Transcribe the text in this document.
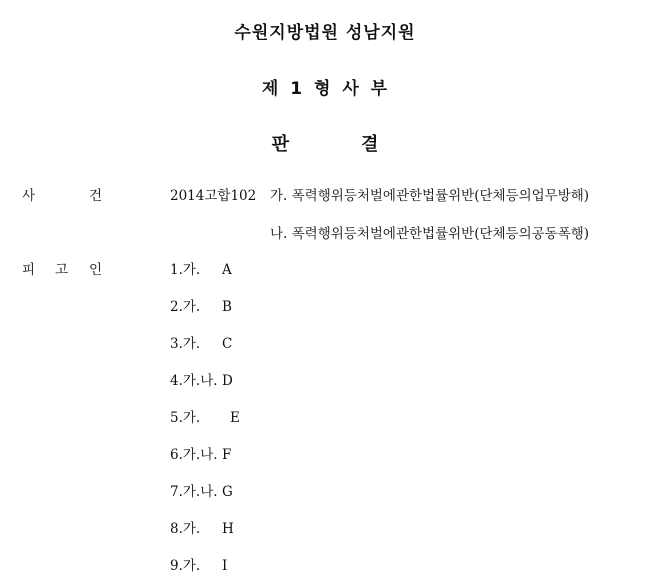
수원지방법원 성남지원
제 1 형 사 부
판	결
사	건	2014고합102 가. 폭력행위등처벌에관한법률위반(단체등의업무방해)
나. 폭력행위등처벌에관한법률위반(단체등의공동폭행)
피 고 인	1.가. A
2.가. B
3.가. C
4.가.나. D
5.가. E
6.가.나. F
7.가.나. G
8.가. H
9.가. I
